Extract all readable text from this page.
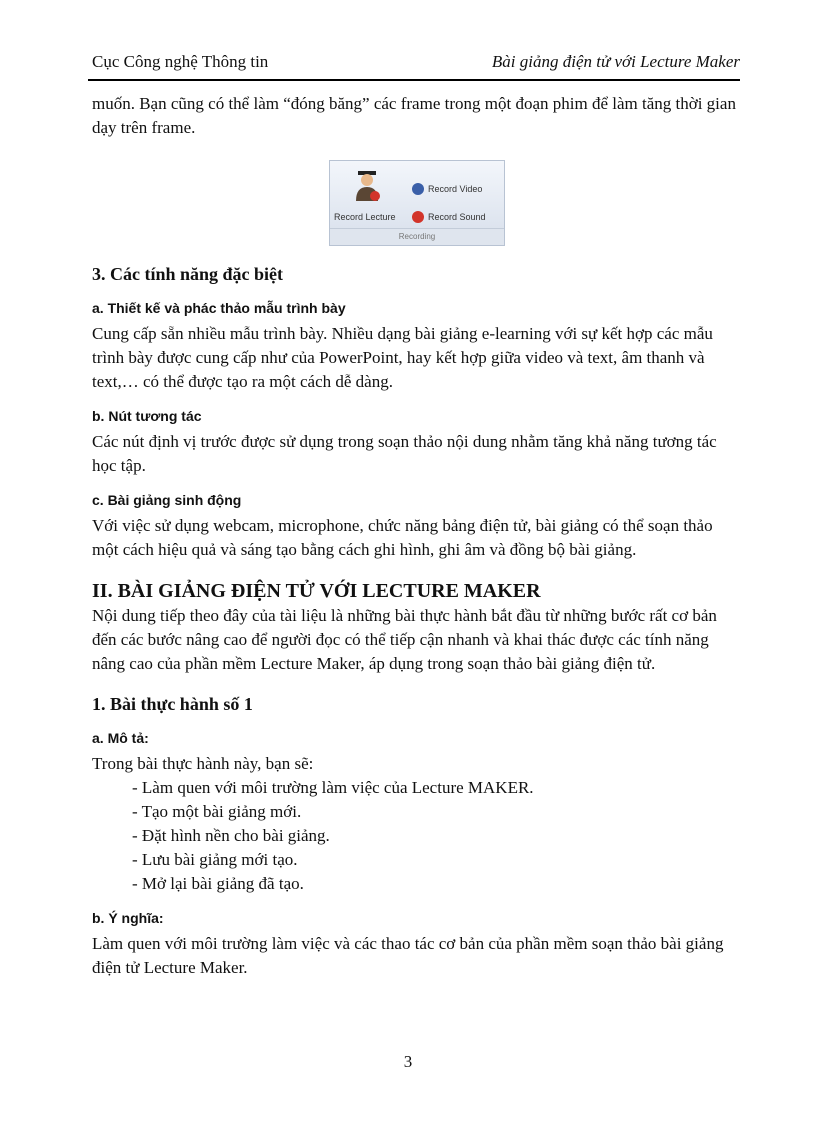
Cục Công nghệ Thông tin	Bài giảng điện tử với Lecture Maker

muốn. Bạn cũng có thể làm “đóng băng” các frame trong một đoạn phim để làm tăng thời gian dạy trên frame.

Record Lecture
Record Video
Record Sound
Recording

3. Các tính năng đặc biệt

a. Thiết kế và phác thảo mẫu trình bày

Cung cấp sẵn nhiều mẫu trình bày. Nhiều dạng bài giảng e-learning với sự kết hợp các mẫu trình bày được cung cấp như của PowerPoint, hay kết hợp giữa video và text, âm thanh và text,… có thể được tạo ra một cách dễ dàng.

b. Nút tương tác

Các nút định vị trước được sử dụng trong soạn thảo nội dung nhằm tăng khả năng tương tác học tập.

c. Bài giảng sinh động

Với việc sử dụng webcam, microphone, chức năng bảng điện tử, bài giảng có thể soạn thảo một cách hiệu quả và sáng tạo bằng cách ghi hình, ghi âm và đồng bộ bài giảng.

II. BÀI GIẢNG ĐIỆN TỬ VỚI LECTURE MAKER

Nội dung tiếp theo đây của tài liệu là những bài thực hành bắt đầu từ những bước rất cơ bản đến các bước nâng cao để người đọc có thể tiếp cận nhanh và khai thác được các tính năng nâng cao của phần mềm Lecture Maker, áp dụng trong soạn thảo bài giảng điện tử.

1. Bài thực hành số 1

a. Mô tả:

Trong bài thực hành này, bạn sẽ:

- Làm quen với môi trường làm việc của Lecture MAKER.
- Tạo một bài giảng mới.
- Đặt hình nền cho bài giảng.
- Lưu bài giảng mới tạo.
- Mở lại bài giảng đã tạo.

b. Ý nghĩa:

Làm quen với môi trường làm việc và các thao tác cơ bản của phần mềm soạn thảo bài giảng điện tử Lecture Maker.

3
